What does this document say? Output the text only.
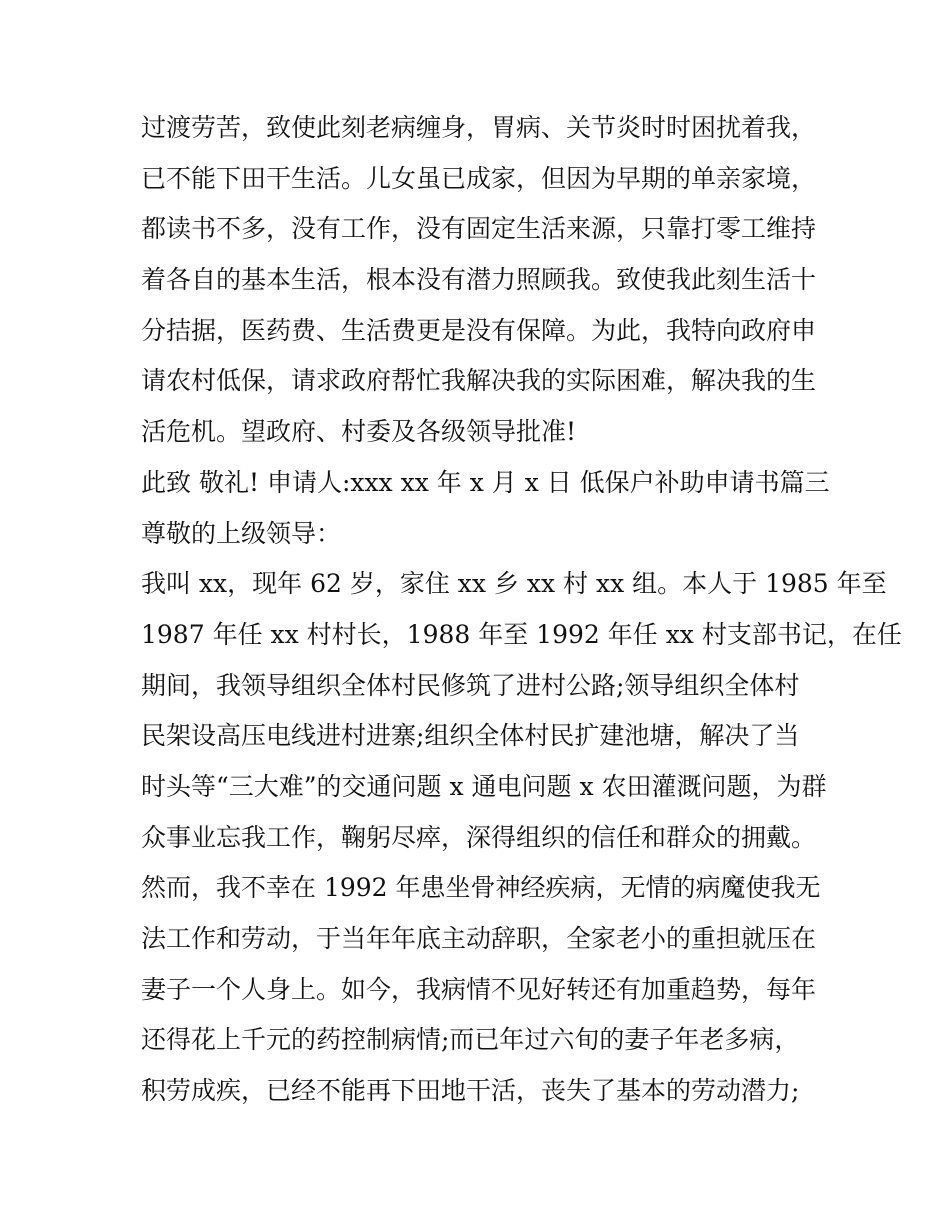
过渡劳苦，致使此刻老病缠身，胃病、关节炎时时困扰着我，
已不能下田干生活。儿女虽已成家，但因为早期的单亲家境，
都读书不多，没有工作，没有固定生活来源，只靠打零工维持
着各自的基本生活，根本没有潜力照顾我。致使我此刻生活十
分拮据，医药费、生活费更是没有保障。为此，我特向政府申
请农村低保，请求政府帮忙我解决我的实际困难，解决我的生
活危机。望政府、村委及各级领导批准!
此致 敬礼! 申请人:xxx xx 年 x 月 x 日 低保户补助申请书篇三
尊敬的上级领导：
我叫 xx，现年 62 岁，家住 xx 乡 xx 村 xx 组。本人于 1985 年至
1987 年任 xx 村村长，1988 年至 1992 年任 xx 村支部书记，在任
期间，我领导组织全体村民修筑了进村公路;领导组织全体村
民架设高压电线进村进寨;组织全体村民扩建池塘，解决了当
时头等“三大难”的交通问题 x 通电问题 x 农田灌溉问题，为群
众事业忘我工作，鞠躬尽瘁，深得组织的信任和群众的拥戴。
然而，我不幸在 1992 年患坐骨神经疾病，无情的病魔使我无
法工作和劳动，于当年年底主动辞职，全家老小的重担就压在
妻子一个人身上。如今，我病情不见好转还有加重趋势，每年
还得花上千元的药控制病情;而已年过六旬的妻子年老多病，
积劳成疾，已经不能再下田地干活，丧失了基本的劳动潜力;
